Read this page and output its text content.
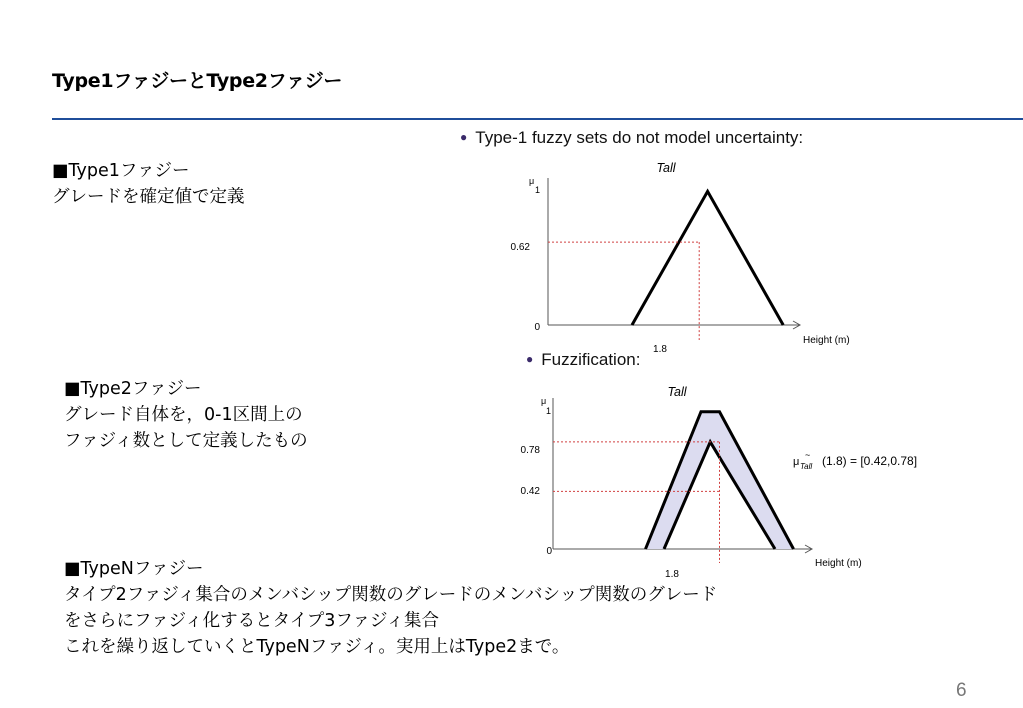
Type1ファジーとType2ファジー
■Type1ファジー
グレードを確定値で定義
■Type2ファジー
グレード自体を，0-1区間上の
ファジィ数として定義したもの
■TypeNファジー
タイプ2ファジィ集合のメンバシップ関数のグレードのメンバシップ関数のグレード
をさらにファジィ化するとタイプ3ファジィ集合
これを繰り返していくとTypeNファジィ。実用上はType2まで。
● Type-1 fuzzy sets do not model uncertainty:
● Fuzzification:
Tall
μ
1
Height (m)
0
0.62
1.8
Tall
μ
1
Height (m)
0
0.42
0.78
1.8
μ Tall
~ (1.8) = [0.42,0.78]
6
